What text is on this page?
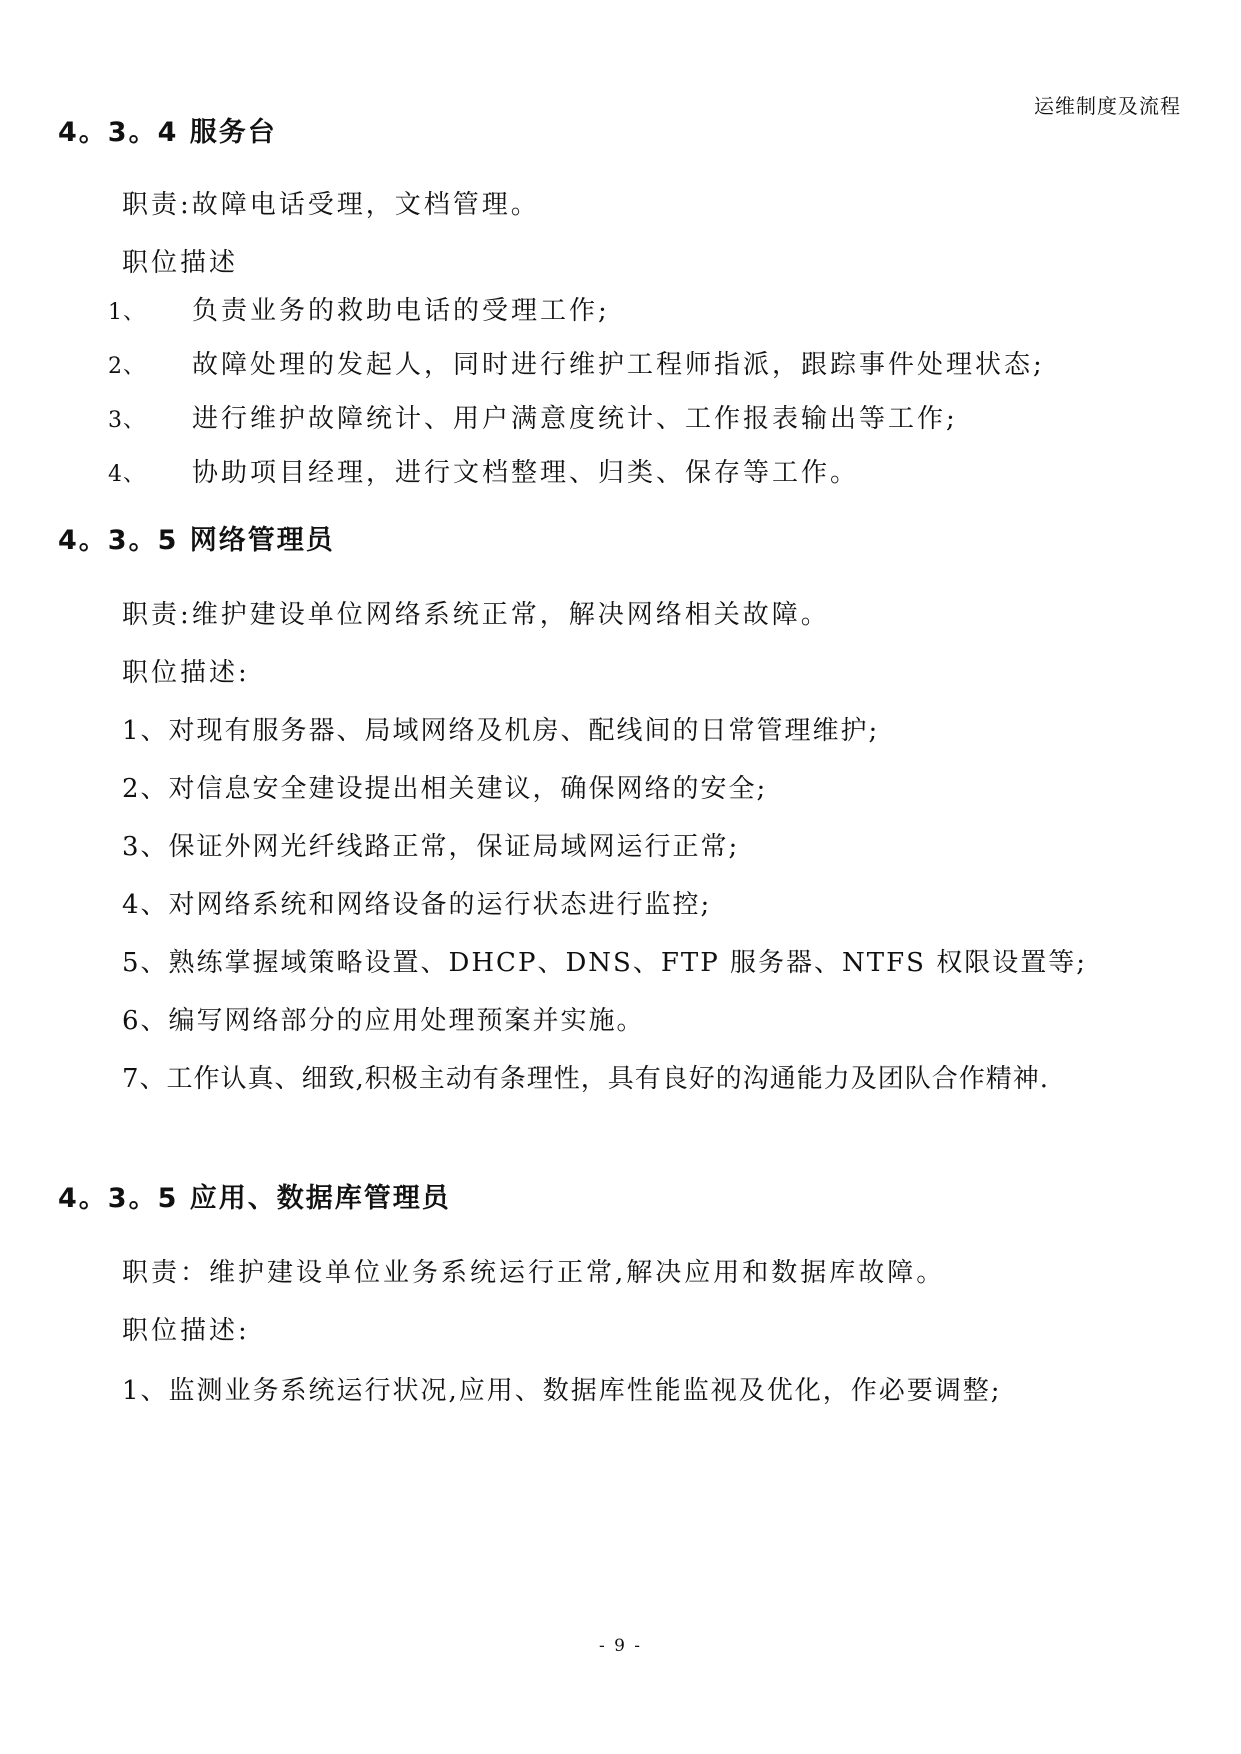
运维制度及流程
4。3。4 服务台
职责:故障电话受理，文档管理。
职位描述
1、 负责业务的救助电话的受理工作;
2、 故障处理的发起人，同时进行维护工程师指派，跟踪事件处理状态;
3、 进行维护故障统计、用户满意度统计、工作报表输出等工作;
4、 协助项目经理，进行文档整理、归类、保存等工作。
4。3。5 网络管理员
职责:维护建设单位网络系统正常，解决网络相关故障。
职位描述:
1、对现有服务器、局域网络及机房、配线间的日常管理维护;
2、对信息安全建设提出相关建议，确保网络的安全;
3、保证外网光纤线路正常，保证局域网运行正常;
4、对网络系统和网络设备的运行状态进行监控;
5、熟练掌握域策略设置、DHCP、DNS、FTP 服务器、NTFS 权限设置等;
6、编写网络部分的应用处理预案并实施。
7、工作认真、细致,积极主动有条理性，具有良好的沟通能力及团队合作精神.
4。3。5 应用、数据库管理员
职责：维护建设单位业务系统运行正常,解决应用和数据库故障。
职位描述:
1、监测业务系统运行状况,应用、数据库性能监视及优化，作必要调整;
- 9 -
